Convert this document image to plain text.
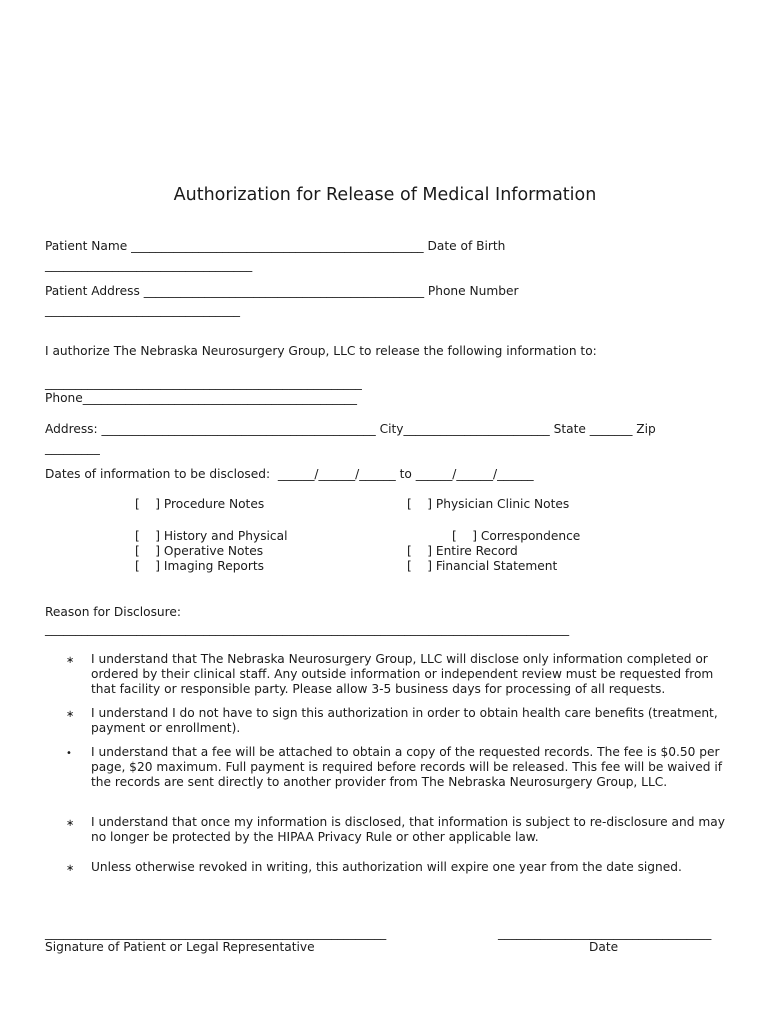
Authorization for Release of Medical Information
Patient Name ________________________________________________ Date of Birth
__________________________________
Patient Address ______________________________________________ Phone Number
________________________________
I authorize The Nebraska Neurosurgery Group, LLC to release the following information to:
____________________________________________________
Phone_____________________________________________
Address: _____________________________________________ City________________________ State _______ Zip
_________
Dates of information to be disclosed:  ______/______/______ to ______/______/______
[    ] Procedure Notes	[    ] Physician Clinic Notes
[    ] History and Physical	[    ] Correspondence
[    ] Operative Notes	[    ] Entire Record
[    ] Imaging Reports	[    ] Financial Statement
Reason for Disclosure:
______________________________________________________________________________________
∗ I understand that The Nebraska Neurosurgery Group, LLC will disclose only information completed or ordered by their clinical staff. Any outside information or independent review must be requested from that facility or responsible party. Please allow 3-5 business days for processing of all requests.
∗ I understand I do not have to sign this authorization in order to obtain health care benefits (treatment, payment or enrollment).
• I understand that a fee will be attached to obtain a copy of the requested records. The fee is $0.50 per page, $20 maximum. Full payment is required before records will be released. This fee will be waived if the records are sent directly to another provider from The Nebraska Neurosurgery Group, LLC.
∗ I understand that once my information is disclosed, that information is subject to re-disclosure and may no longer be protected by the HIPAA Privacy Rule or other applicable law.
∗ Unless otherwise revoked in writing, this authorization will expire one year from the date signed.
________________________________________________________
Signature of Patient or Legal Representative
___________________________________
Date
